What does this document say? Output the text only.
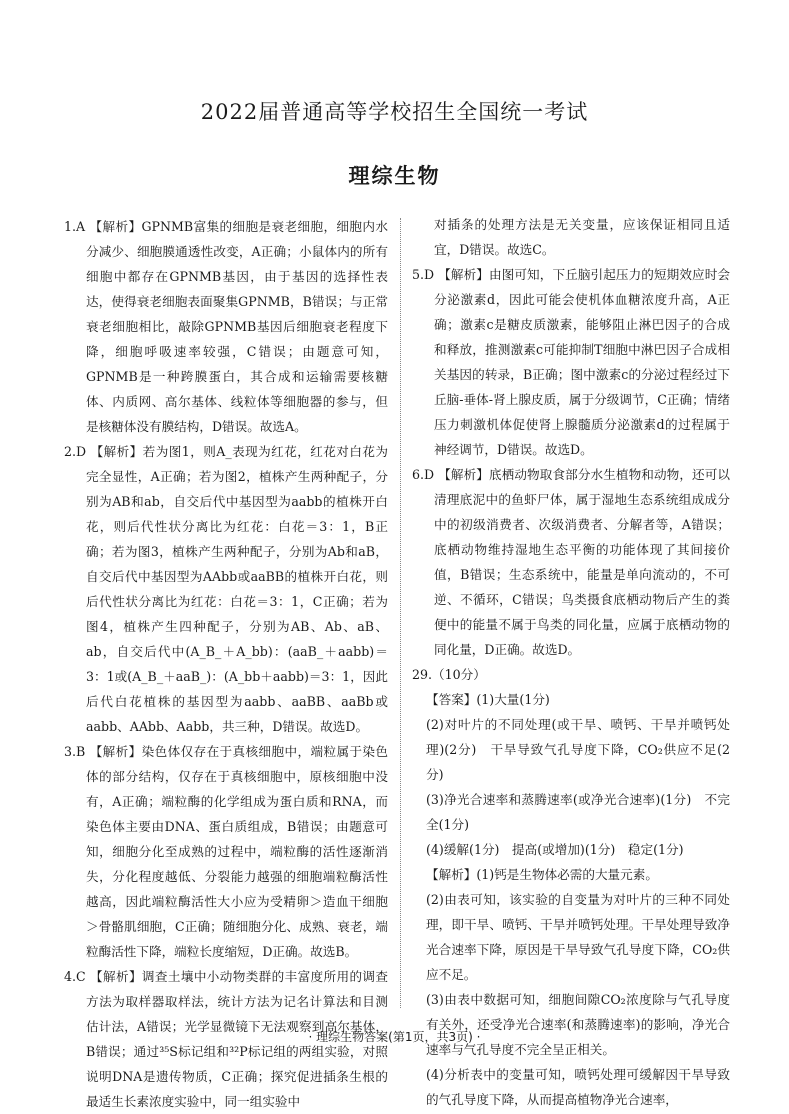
2022届普通高等学校招生全国统一考试
理综生物

1.A 【解析】GPNMB富集的细胞是衰老细胞，细胞内水分减少、细胞膜通透性改变，A正确；小鼠体内的所有细胞中都存在GPNMB基因，由于基因的选择性表达，使得衰老细胞表面聚集GPNMB，B错误；与正常衰老细胞相比，敲除GPNMB基因后细胞衰老程度下降，细胞呼吸速率较强，C错误；由题意可知，GPNMB是一种跨膜蛋白，其合成和运输需要核糖体、内质网、高尔基体、线粒体等细胞器的参与，但是核糖体没有膜结构，D错误。故选A。

2.D 【解析】若为图1，则A_表现为红花，红花对白花为完全显性，A正确；若为图2，植株产生两种配子，分别为AB和ab，自交后代中基因型为aabb的植株开白花，则后代性状分离比为红花：白花＝3：1，B正确；若为图3，植株产生两种配子，分别为Ab和aB，自交后代中基因型为AAbb或aaBB的植株开白花，则后代性状分离比为红花：白花＝3：1，C正确；若为图4，植株产生四种配子，分别为AB、Ab、aB、ab，自交后代中(A_B_＋A_bb)：(aaB_＋aabb)＝3：1或(A_B_＋aaB_)：(A_bb＋aabb)＝3：1，因此后代白花植株的基因型为aabb、aaBB、aaBb或aabb、AAbb、Aabb，共三种，D错误。故选D。

3.B 【解析】染色体仅存在于真核细胞中，端粒属于染色体的部分结构，仅存在于真核细胞中，原核细胞中没有，A正确；端粒酶的化学组成为蛋白质和RNA，而染色体主要由DNA、蛋白质组成，B错误；由题意可知，细胞分化至成熟的过程中，端粒酶的活性逐渐消失，分化程度越低、分裂能力越强的细胞端粒酶活性越高，因此端粒酶活性大小应为受精卵＞造血干细胞＞骨骼肌细胞，C正确；随细胞分化、成熟、衰老，端粒酶活性下降，端粒长度缩短，D正确。故选B。

4.C 【解析】调查土壤中小动物类群的丰富度所用的调查方法为取样器取样法，统计方法为记名计算法和目测估计法，A错误；光学显微镜下无法观察到高尔基体，B错误；通过³⁵S标记组和³²P标记组的两组实验，对照说明DNA是遗传物质，C正确；探究促进插条生根的最适生长素浓度实验中，同一组实验中

对插条的处理方法是无关变量，应该保证相同且适宜，D错误。故选C。

5.D 【解析】由图可知，下丘脑引起压力的短期效应时会分泌激素d，因此可能会使机体血糖浓度升高，A正确；激素c是糖皮质激素，能够阻止淋巴因子的合成和释放，推测激素c可能抑制T细胞中淋巴因子合成相关基因的转录，B正确；图中激素c的分泌过程经过下丘脑-垂体-肾上腺皮质，属于分级调节，C正确；情绪压力刺激机体促使肾上腺髓质分泌激素d的过程属于神经调节，D错误。故选D。

6.D 【解析】底栖动物取食部分水生植物和动物，还可以清理底泥中的鱼虾尸体，属于湿地生态系统组成成分中的初级消费者、次级消费者、分解者等，A错误；底栖动物维持湿地生态平衡的功能体现了其间接价值，B错误；生态系统中，能量是单向流动的，不可逆、不循环，C错误；鸟类摄食底栖动物后产生的粪便中的能量不属于鸟类的同化量，应属于底栖动物的同化量，D正确。故选D。

29.（10分）

【答案】(1)大量(1分)

(2)对叶片的不同处理(或干旱、喷钙、干旱并喷钙处理)(2分)　干旱导致气孔导度下降，CO₂供应不足(2分)

(3)净光合速率和蒸腾速率(或净光合速率)(1分)　不完全(1分)

(4)缓解(1分)　提高(或增加)(1分)　稳定(1分)

【解析】(1)钙是生物体必需的大量元素。

(2)由表可知，该实验的自变量为对叶片的三种不同处理，即干旱、喷钙、干旱并喷钙处理。干旱处理导致净光合速率下降，原因是干旱导致气孔导度下降，CO₂供应不足。

(3)由表中数据可知，细胞间隙CO₂浓度除与气孔导度有关外，还受净光合速率(和蒸腾速率)的影响，净光合速率与气孔导度不完全呈正相关。

(4)分析表中的变量可知，喷钙处理可缓解因干旱导致的气孔导度下降，从而提高植物净光合速率，

· 理综生物答案(第1页，共3页) ·
